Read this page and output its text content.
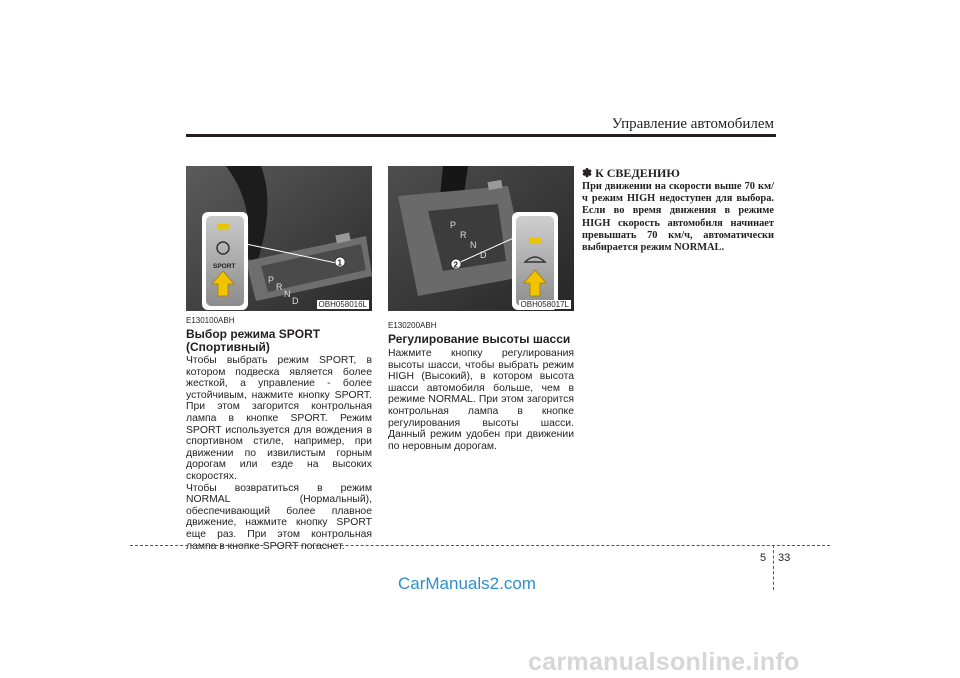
Управление автомобилем
P
R
N
D
1
SPORT
OBH058016L
P
R
N
D
2
OBH058017L
E130100ABH
Выбор режима SPORT (Спортивный)
Чтобы выбрать режим SPORT, в котором подвеска является более жесткой, а управление - более устойчивым, нажмите кнопку SPORT. При этом загорится контрольная лампа в кнопке SPORT. Режим SPORT используется для вождения в спортивном стиле, например, при движении по извилистым горным дорогам или езде на высоких скоростях.
Чтобы возвратиться в режим NORMAL (Нормальный), обеспечивающий более плавное движение, нажмите кнопку SPORT еще раз. При этом контрольная лампа в кнопке SPORT погаснет.
E130200ABH
Регулирование высоты шасси
Нажмите кнопку регулирования высоты шасси, чтобы выбрать режим HIGH (Высокий), в котором высота шасси автомобиля больше, чем в режиме NORMAL. При этом загорится контрольная лампа в кнопке регулирования высоты шасси. Данный режим удобен при движении по неровным дорогам.
✽ К СВЕДЕНИЮ
При движении на скорости выше 70 км/ч режим HIGH недоступен для выбора. Если во время движения в режиме HIGH скорость автомобиля начинает превышать 70 км/ч, автоматически выбирается режим NORMAL.
5 33
CarManuals2.com
carmanualsonline.info
